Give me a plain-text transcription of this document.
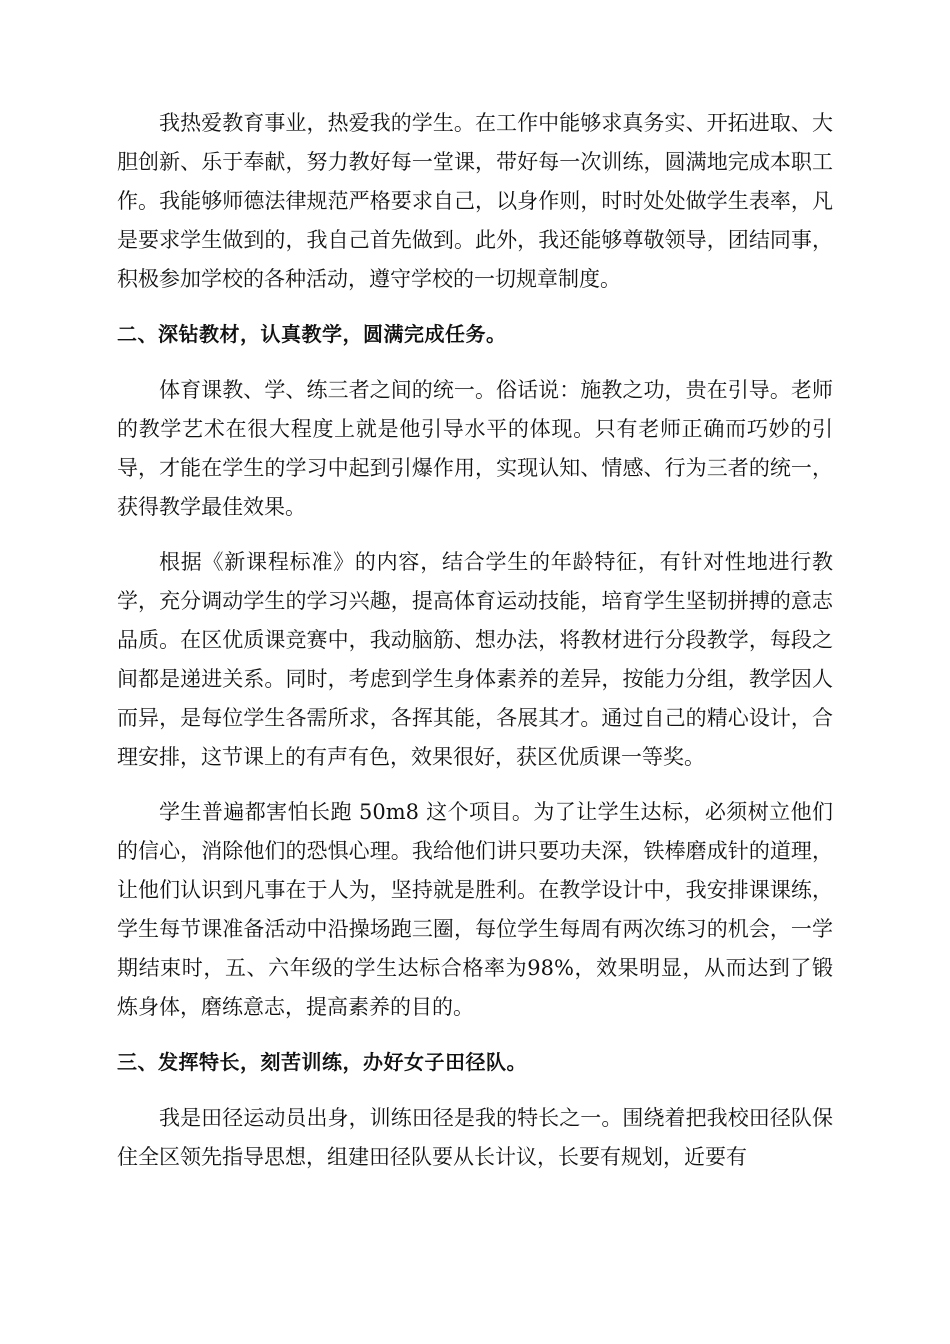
我热爱教育事业，热爱我的学生。在工作中能够求真务实、开拓进取、大胆创新、乐于奉献，努力教好每一堂课，带好每一次训练，圆满地完成本职工作。我能够师德法律规范严格要求自己，以身作则，时时处处做学生表率，凡是要求学生做到的，我自己首先做到。此外，我还能够尊敬领导，团结同事，积极参加学校的各种活动，遵守学校的一切规章制度。

二、深钻教材，认真教学，圆满完成任务。

体育课教、学、练三者之间的统一。俗话说：施教之功，贵在引导。老师的教学艺术在很大程度上就是他引导水平的体现。只有老师正确而巧妙的引导，才能在学生的学习中起到引爆作用，实现认知、情感、行为三者的统一，获得教学最佳效果。

根据《新课程标准》的内容，结合学生的年龄特征，有针对性地进行教学，充分调动学生的学习兴趣，提高体育运动技能，培育学生坚韧拼搏的意志品质。在区优质课竞赛中，我动脑筋、想办法，将教材进行分段教学，每段之间都是递进关系。同时，考虑到学生身体素养的差异，按能力分组，教学因人而异，是每位学生各需所求，各挥其能，各展其才。通过自己的精心设计，合理安排，这节课上的有声有色，效果很好，获区优质课一等奖。

学生普遍都害怕长跑 50m8 这个项目。为了让学生达标，必须树立他们的信心，消除他们的恐惧心理。我给他们讲只要功夫深，铁棒磨成针的道理，让他们认识到凡事在于人为，坚持就是胜利。在教学设计中，我安排课课练，学生每节课准备活动中沿操场跑三圈，每位学生每周有两次练习的机会，一学期结束时，五、六年级的学生达标合格率为98%，效果明显，从而达到了锻炼身体，磨练意志，提高素养的目的。

三、发挥特长，刻苦训练，办好女子田径队。

我是田径运动员出身，训练田径是我的特长之一。围绕着把我校田径队保住全区领先指导思想，组建田径队要从长计议，长要有规划，近要有
